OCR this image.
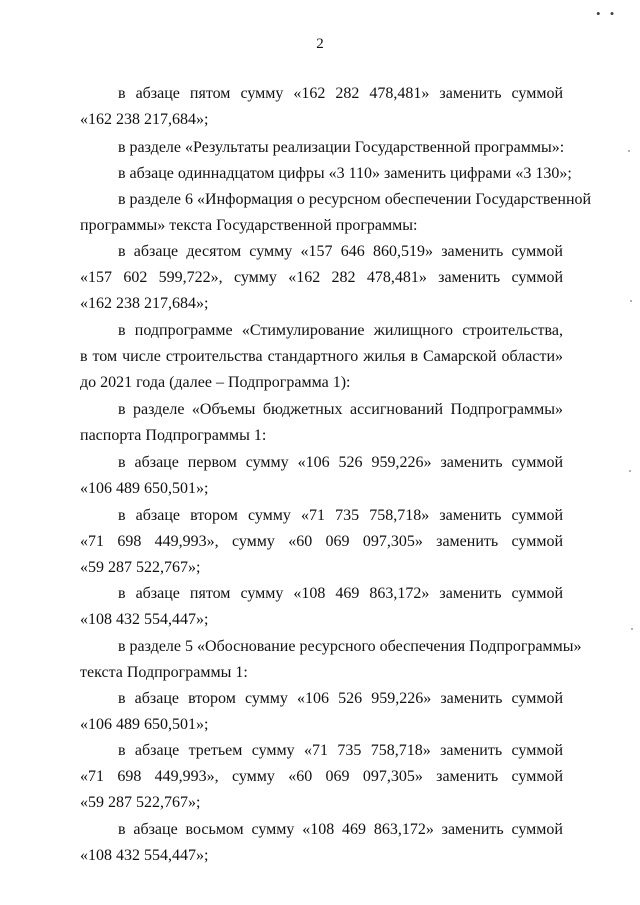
• •
2
в абзаце пятом сумму «162 282 478,481» заменить суммой
«162 238 217,684»;
в разделе «Результаты реализации Государственной программы»:
в абзаце одиннадцатом цифры «3 110» заменить цифрами «3 130»;
в разделе 6 «Информация о ресурсном обеспечении Государственной
программы» текста Государственной программы:
в абзаце десятом сумму «157 646 860,519» заменить суммой
«157 602 599,722», сумму «162 282 478,481» заменить суммой
«162 238 217,684»;
в подпрограмме «Стимулирование жилищного строительства,
в том числе строительства стандартного жилья в Самарской области»
до 2021 года (далее – Подпрограмма 1):
в разделе «Объемы бюджетных ассигнований Подпрограммы»
паспорта Подпрограммы 1:
в абзаце первом сумму «106 526 959,226» заменить суммой
«106 489 650,501»;
в абзаце втором сумму «71 735 758,718» заменить суммой
«71 698 449,993», сумму «60 069 097,305» заменить суммой
«59 287 522,767»;
в абзаце пятом сумму «108 469 863,172» заменить суммой
«108 432 554,447»;
в разделе 5 «Обоснование ресурсного обеспечения Подпрограммы»
текста Подпрограммы 1:
в абзаце втором сумму «106 526 959,226» заменить суммой
«106 489 650,501»;
в абзаце третьем сумму «71 735 758,718» заменить суммой
«71 698 449,993», сумму «60 069 097,305» заменить суммой
«59 287 522,767»;
в абзаце восьмом сумму «108 469 863,172» заменить суммой
«108 432 554,447»;
